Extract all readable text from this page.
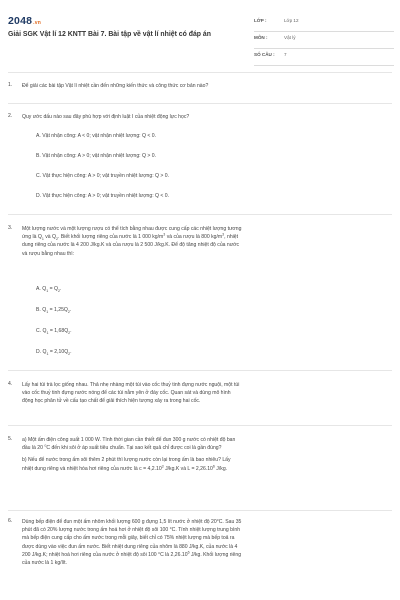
2048.vn
Giải SGK Vật lí 12 KNTT Bài 7. Bài tập về vật lí nhiệt có đáp án
LỚP :	Lớp 12
MÔN :	Vật lý
SỐ CÂU : 7
1. Để giải các bài tập Vật lí nhiệt cần đến những kiến thức và công thức cơ bản nào?
2. Quy ước dấu nào sau đây phù hợp với định luật I của nhiệt động lực học?
A. Vật nhận công: A < 0; vật nhận nhiệt lượng: Q < 0.
B. Vật nhận công: A > 0; vật nhận nhiệt lượng: Q > 0.
C. Vật thực hiện công: A > 0; vật truyền nhiệt lượng: Q > 0.
D. Vật thực hiện công: A > 0; vật truyền nhiệt lượng: Q < 0.
3. Một lượng nước và một lượng rượu có thể tích bằng nhau được cung cấp các nhiệt lượng tương
ứng là $Q_1$ và $Q_2$. Biết khối lượng riêng của nước là 1 000 $kg/m^3$ và của rượu là 800 $kg/m^3$, nhiệt
dung riêng của nước là 4 200 J/kg.K và của rượu là 2 500 J/kg.K. Để độ tăng nhiệt độ của nước
và rượu bằng nhau thì:
A. $Q_1 = Q_2$.
B. $Q_1 = 1,25Q_2$.
C. $Q_1 = 1,68Q_2$.
D. $Q_1 = 2,10Q_2$.
4. Lấy hai túi trà lọc giống nhau. Thả nhẹ nhàng một túi vào cốc thuỷ tinh đựng nước nguội, một túi
vào cốc thuỷ tinh đựng nước nóng để các túi nằm yên ở đáy cốc. Quan sát và dùng mô hình
động học phân tử về cấu tạo chất để giải thích hiện tượng xảy ra trong hai cốc.
5. a) Một ấm điện công suất 1 000 W. Tính thời gian cần thiết để đun 300 g nước có nhiệt độ ban
đầu là 20 $^o$C đến khi sôi ở áp suất tiêu chuẩn. Tại sao kết quả chỉ được coi là gần đúng?
b) Nếu để nước trong ấm sôi thêm 2 phút thì lượng nước còn lại trong ấm là bao nhiêu? Lấy
nhiệt dung riêng và nhiệt hóa hơi riêng của nước là $c = 4,2.10^3$ J/kg.K và $L = 2,26.10^6$ J/kg.
6. Dùng bếp điện để đun một ấm nhôm khối lượng 600 g đựng 1,5 lít nước ở nhiệt độ 20°C. Sau 35
phút đã có 20% lượng nước trong ấm hoá hơi ở nhiệt độ sôi 100 °C. Tính nhiệt lượng trung bình
mà bếp điện cung cấp cho ấm nước trong mỗi giây, biết chỉ có 75% nhiệt lượng mà bếp toả ra
được dùng vào việc đun ấm nước. Biết nhiệt dung riêng của nhôm là 880 J/kg.K, của nước là 4
200 J/kg.K; nhiệt hoá hơi riêng của nước ở nhiệt độ sôi 100 °C là 2,26.10$^6$ J/kg. Khối lượng riêng
của nước là 1 kg/lít.
